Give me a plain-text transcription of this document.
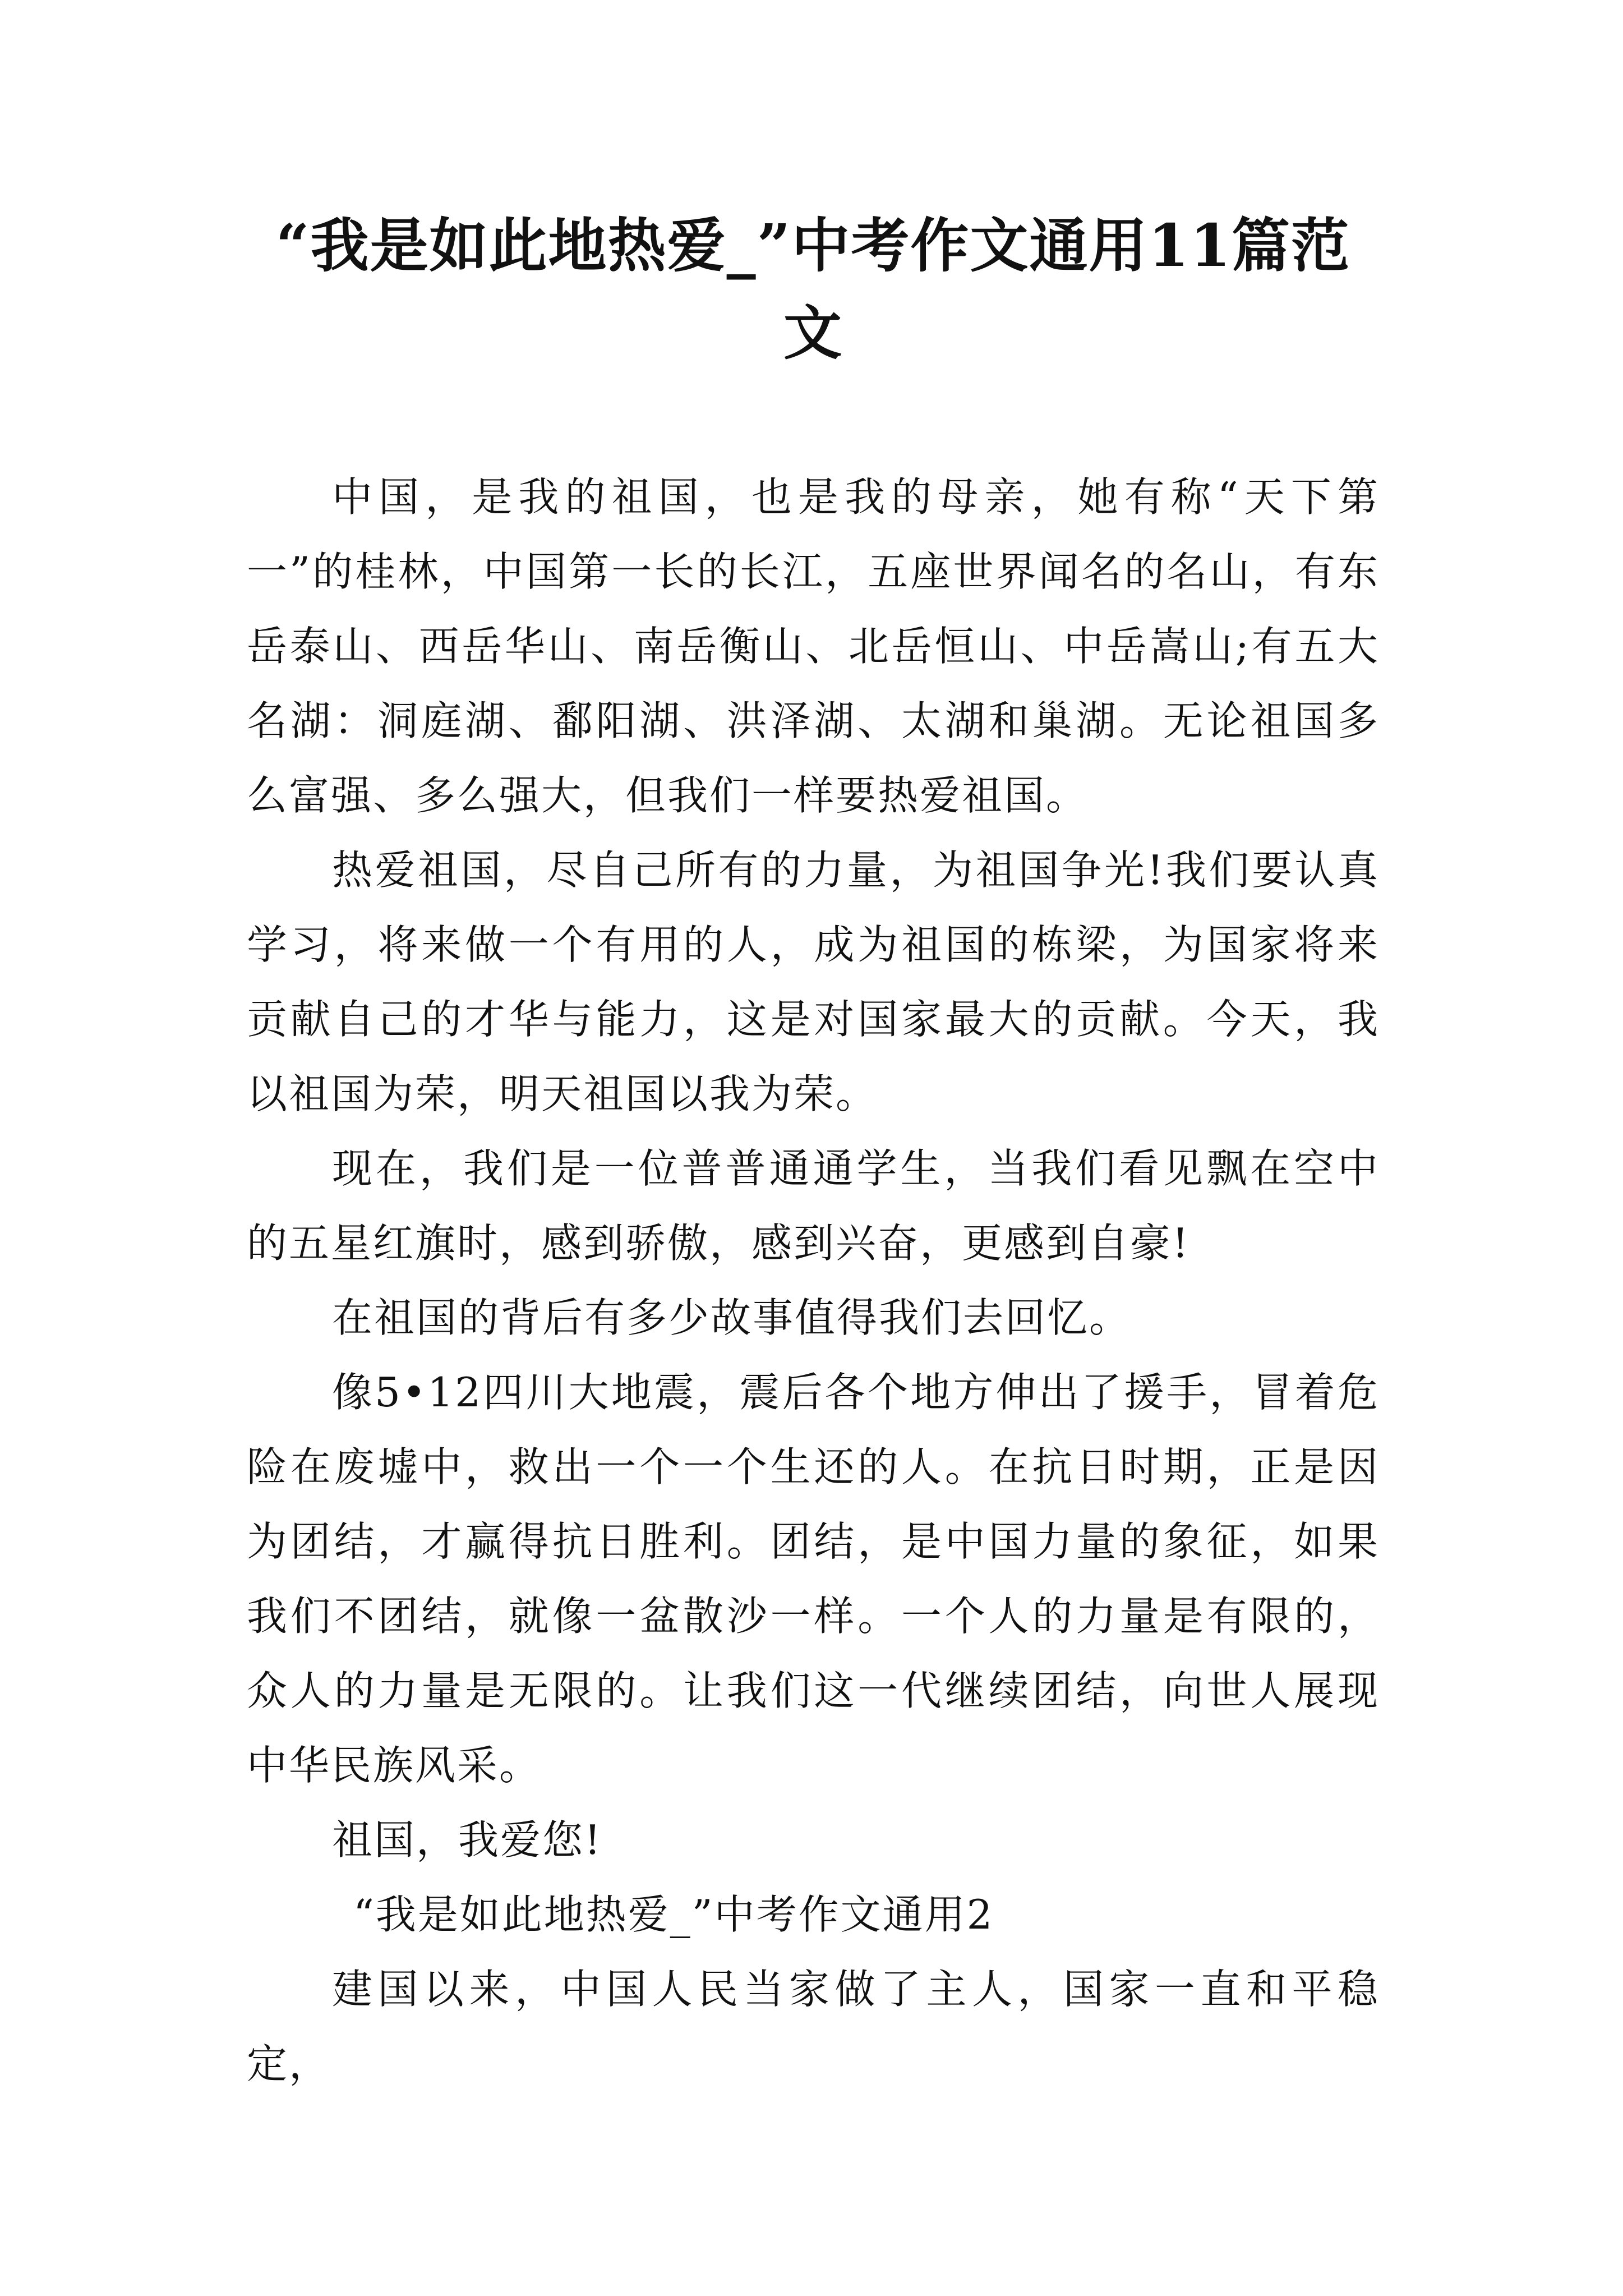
“我是如此地热爱_”中考作文通用11篇范文

中国，是我的祖国，也是我的母亲，她有称“天下第一”的桂林，中国第一长的长江，五座世界闻名的名山，有东岳泰山、西岳华山、南岳衡山、北岳恒山、中岳嵩山;有五大名湖：洞庭湖、鄱阳湖、洪泽湖、太湖和巢湖。无论祖国多么富强、多么强大，但我们一样要热爱祖国。

热爱祖国，尽自己所有的力量，为祖国争光!我们要认真学习，将来做一个有用的人，成为祖国的栋梁，为国家将来贡献自己的才华与能力，这是对国家最大的贡献。今天，我以祖国为荣，明天祖国以我为荣。

现在，我们是一位普普通通学生，当我们看见飘在空中的五星红旗时，感到骄傲，感到兴奋，更感到自豪!

在祖国的背后有多少故事值得我们去回忆。

像5•12四川大地震，震后各个地方伸出了援手，冒着危险在废墟中，救出一个一个生还的人。在抗日时期，正是因为团结，才赢得抗日胜利。团结，是中国力量的象征，如果我们不团结，就像一盆散沙一样。一个人的力量是有限的，众人的力量是无限的。让我们这一代继续团结，向世人展现中华民族风采。

祖国，我爱您!

“我是如此地热爱_”中考作文通用2

建国以来，中国人民当家做了主人，国家一直和平稳定，
